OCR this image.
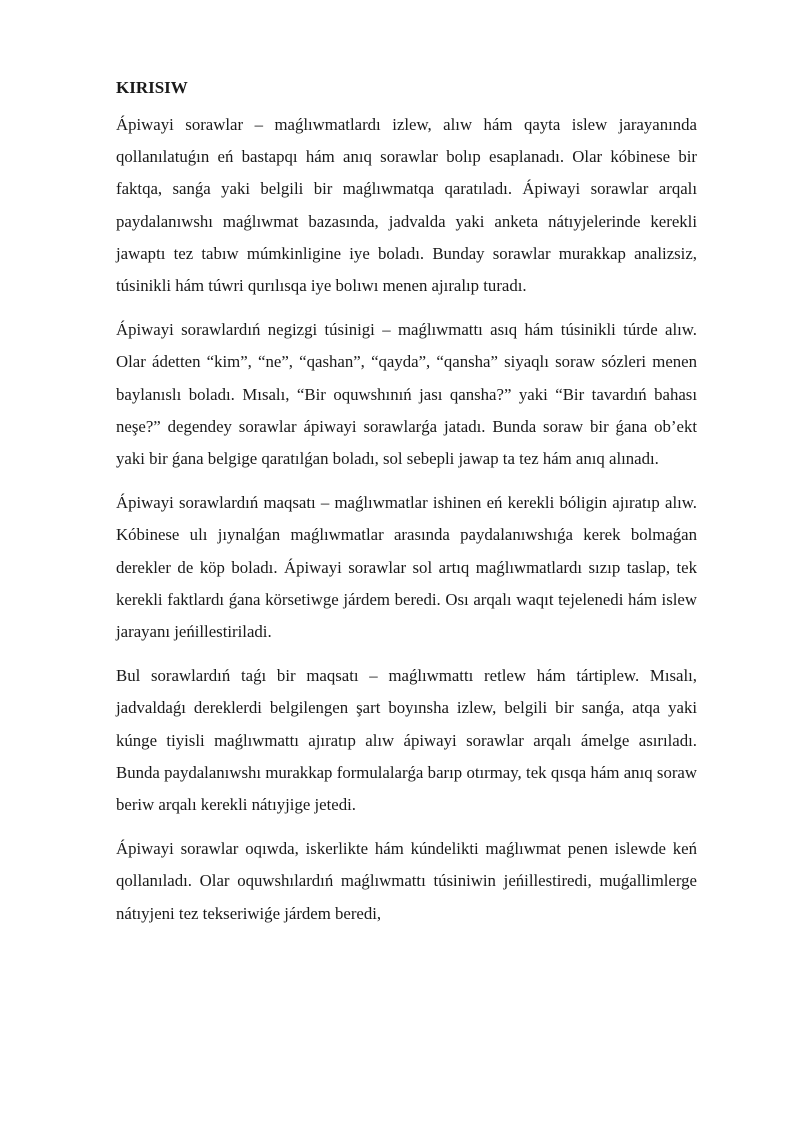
KIRISIW

Ápiwayi sorawlar – maǵlıwmatlardı izlew, alıw hám qayta islew jarayanında qollanılatuǵın eń bastapqı hám anıq sorawlar bolıp esaplanadı. Olar kóbinese bir faktqa, sanǵa yaki belgili bir maǵlıwmatqa qaratıladı. Ápiwayi sorawlar arqalı paydalanıwshı maǵlıwmat bazasında, jadvalda yaki anketa nátıyjelerinde kerekli jawaptı tez tabıw múmkinligine iye boladı. Bunday sorawlar murakkap analizsiz, túsinikli hám túwri qurılısqa iye bolıwı menen ajıralıp turadı.

Ápiwayi sorawlardıń negizgi túsinigi – maǵlıwmattı asıq hám túsinikli túrde alıw. Olar ádetten “kim”, “ne”, “qashan”, “qayda”, “qansha” siyaqlı soraw sózleri menen baylanıslı boladı. Mısalı, “Bir oquwshınıń jası qansha?” yaki “Bir tavardıń bahası neşe?” degendey sorawlar ápiwayi sorawlarǵa jatadı. Bunda soraw bir ǵana ob’ekt yaki bir ǵana belgige qaratılǵan boladı, sol sebepli jawap ta tez hám anıq alınadı.

Ápiwayi sorawlardıń maqsatı – maǵlıwmatlar ishinen eń kerekli bóligin ajıratıp alıw. Kóbinese ulı jıynalǵan maǵlıwmatlar arasında paydalanıwshıǵa kerek bolmaǵan derekler de köp boladı. Ápiwayi sorawlar sol artıq maǵlıwmatlardı sızıp taslap, tek kerekli faktlardı ǵana körsetiwge járdem beredi. Osı arqalı waqıt tejelenedi hám islew jarayanı jeńillestiriladi.

Bul sorawlardıń taǵı bir maqsatı – maǵlıwmattı retlew hám tártiplew. Mısalı, jadvaldaǵı dereklerdi belgilengen şart boyınsha izlew, belgili bir sanǵa, atqa yaki kúnge tiyisli maǵlıwmattı ajıratıp alıw ápiwayi sorawlar arqalı ámelge asırıladı. Bunda paydalanıwshı murakkap formulalarǵa barıp otırmay, tek qısqa hám anıq soraw beriw arqalı kerekli nátıyjige jetedi.

Ápiwayi sorawlar oqıwda, iskerlikte hám kúndelikti maǵlıwmat penen islewde keń qollanıladı. Olar oquwshılardıń maǵlıwmattı túsiniwin jeńillestiredi, muǵallimlerge nátıyjeni tez tekseriwiǵe járdem beredi,
